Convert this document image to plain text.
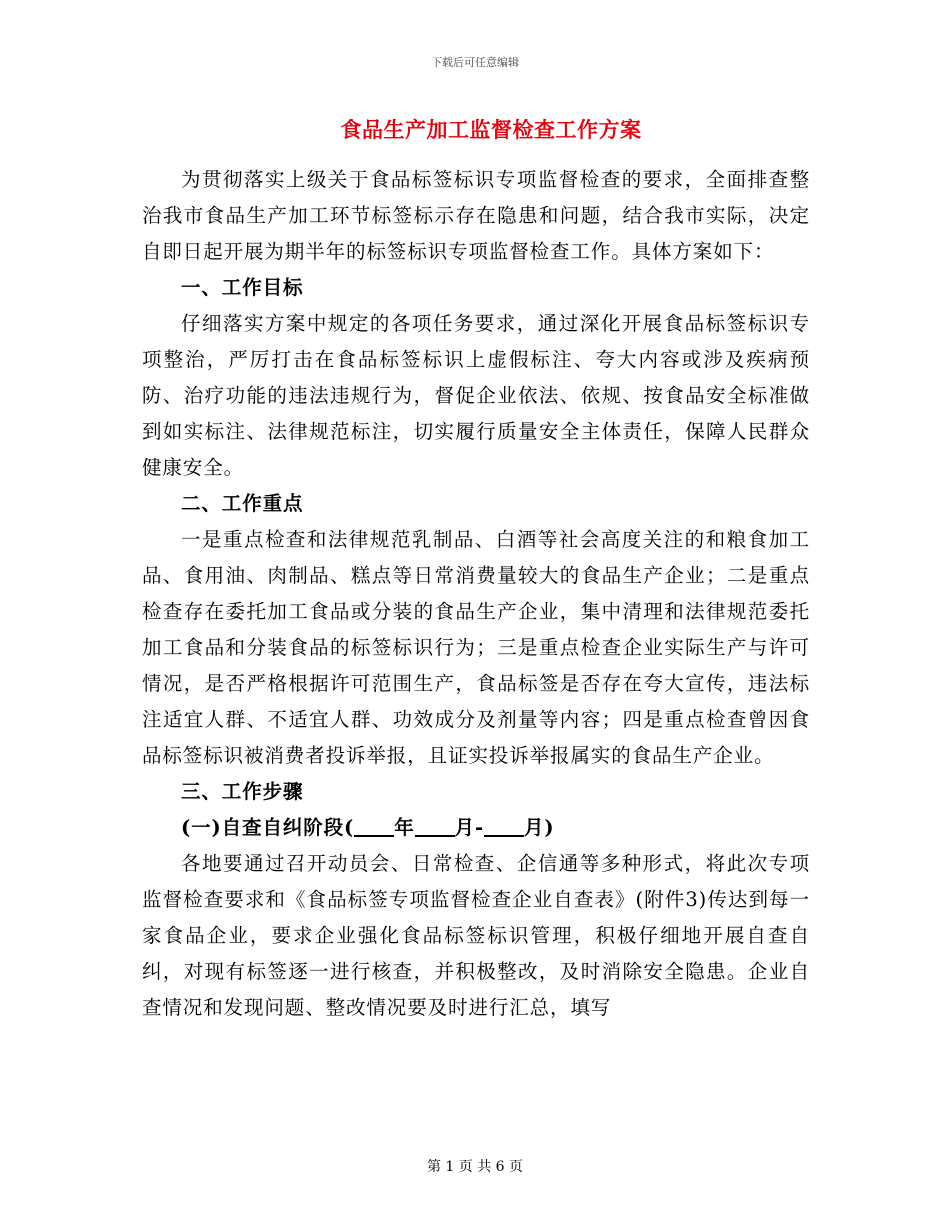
下载后可任意编辑
食品生产加工监督检查工作方案

为贯彻落实上级关于食品标签标识专项监督检查的要求，全面排查整治我市食品生产加工环节标签标示存在隐患和问题，结合我市实际，决定自即日起开展为期半年的标签标识专项监督检查工作。具体方案如下：

一、工作目标

仔细落实方案中规定的各项任务要求，通过深化开展食品标签标识专项整治，严厉打击在食品标签标识上虚假标注、夸大内容或涉及疾病预防、治疗功能的违法违规行为，督促企业依法、依规、按食品安全标准做到如实标注、法律规范标注，切实履行质量安全主体责任，保障人民群众健康安全。

二、工作重点

一是重点检查和法律规范乳制品、白酒等社会高度关注的和粮食加工品、食用油、肉制品、糕点等日常消费量较大的食品生产企业；二是重点检查存在委托加工食品或分装的食品生产企业，集中清理和法律规范委托加工食品和分装食品的标签标识行为；三是重点检查企业实际生产与许可情况，是否严格根据许可范围生产，食品标签是否存在夸大宣传，违法标注适宜人群、不适宜人群、功效成分及剂量等内容；四是重点检查曾因食品标签标识被消费者投诉举报，且证实投诉举报属实的食品生产企业。

三、工作步骤

(一)自查自纠阶段( 年 月- 月)

各地要通过召开动员会、日常检查、企信通等多种形式，将此次专项监督检查要求和《食品标签专项监督检查企业自查表》(附件3)传达到每一家食品企业，要求企业强化食品标签标识管理，积极仔细地开展自查自纠，对现有标签逐一进行核查，并积极整改，及时消除安全隐患。企业自查情况和发现问题、整改情况要及时进行汇总，填写

第 1 页 共 6 页
